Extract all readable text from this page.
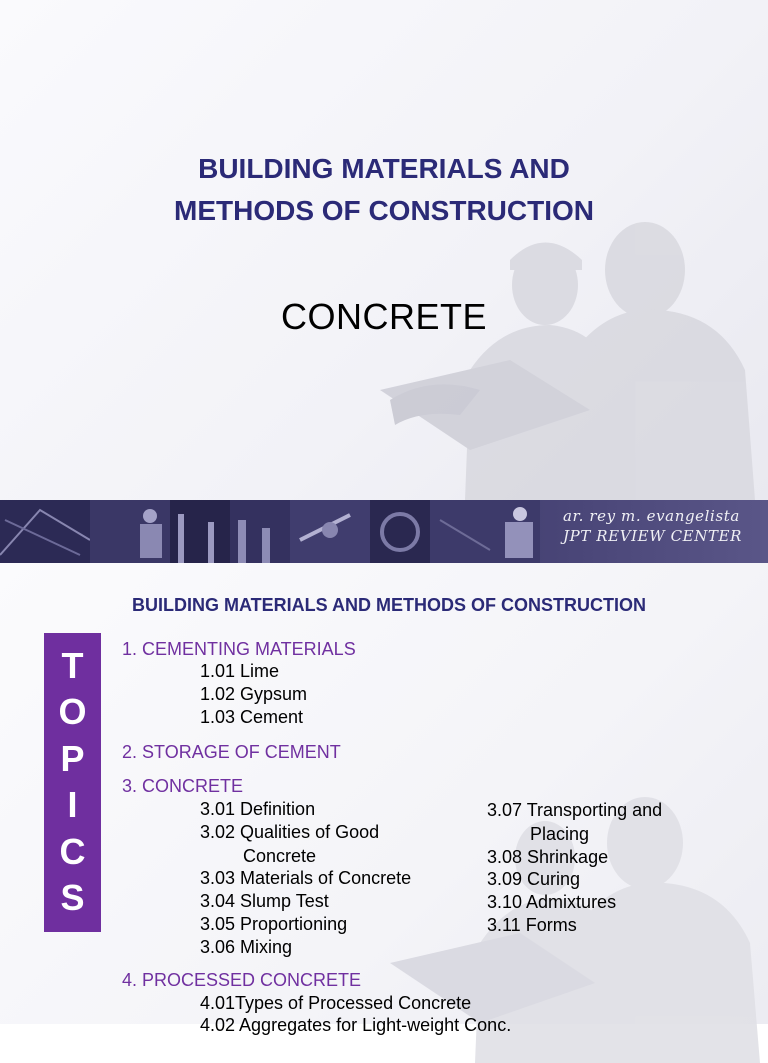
BUILDING MATERIALS AND
METHODS OF CONSTRUCTION
CONCRETE
ar. rey m. evangelista
JPT REVIEW CENTER
BUILDING MATERIALS AND METHODS OF CONSTRUCTION
T
O
P
I
C
S
1. CEMENTING MATERIALS
1.01 Lime
1.02 Gypsum
1.03 Cement
2. STORAGE OF CEMENT
3. CONCRETE
3.01 Definition
3.02 Qualities of Good
Concrete
3.03 Materials of Concrete
3.04 Slump Test
3.05 Proportioning
3.06 Mixing
3.07 Transporting and
Placing
3.08 Shrinkage
3.09 Curing
3.10 Admixtures
3.11 Forms
4. PROCESSED CONCRETE
4.01Types of Processed Concrete
4.02 Aggregates for Light-weight Conc.
